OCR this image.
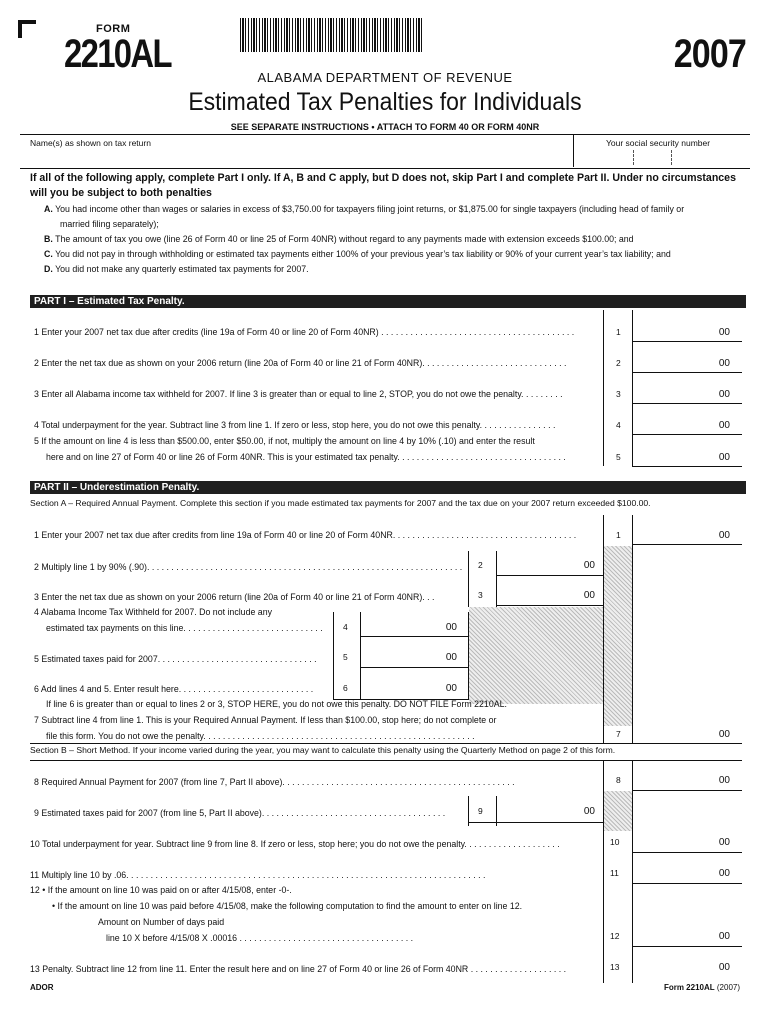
FORM
2210AL	2007
ALABAMA DEPARTMENT OF REVENUE
Estimated Tax Penalties for Individuals
SEE SEPARATE INSTRUCTIONS • ATTACH TO FORM 40 OR FORM 40NR
Name(s) as shown on tax return	Your social security number
If all of the following apply, complete Part I only. If A, B and C apply, but D does not, skip Part I and complete Part II. Under no circumstances will you be subject to both penalties
A. You had income other than wages or salaries in excess of $3,750.00 for taxpayers filing joint returns, or $1,875.00 for single taxpayers (including head of family or
married filing separately);
B. The amount of tax you owe (line 26 of Form 40 or line 25 of Form 40NR) without regard to any payments made with extension exceeds $100.00; and
C. You did not pay in through withholding or estimated tax payments either 100% of your previous year’s tax liability or 90% of your current year’s tax liability; and
D. You did not make any quarterly estimated tax payments for 2007.
PART I – Estimated Tax Penalty.
1 Enter your 2007 net tax due after credits (line 19a of Form 40 or line 20 of Form 40NR) . . . . . . . . . . . . . . . . . . . . . . . . . . . . . . . . . . . . . . . .	1	00
2 Enter the net tax due as shown on your 2006 return (line 20a of Form 40 or line 21 of Form 40NR). . . . . . . . . . . . . . . . . . . . . . . . . . . . . .	2	00
3 Enter all Alabama income tax withheld for 2007. If line 3 is greater than or equal to line 2, STOP, you do not owe the penalty. . . . . . . . .	3	00
4 Total underpayment for the year. Subtract line 3 from line 1. If zero or less, stop here, you do not owe this penalty. . . . . . . . . . . . . . . .	4	00
5 If the amount on line 4 is less than $500.00, enter $50.00, if not, multiply the amount on line 4 by 10% (.10) and enter the result
here and on line 27 of Form 40 or line 26 of Form 40NR. This is your estimated tax penalty. . . . . . . . . . . . . . . . . . . . . . . . . . . . . . . . . . .	5	00
PART II – Underestimation Penalty.
Section A – Required Annual Payment. Complete this section if you made estimated tax payments for 2007 and the tax due on your 2007 return exceeded $100.00.
1 Enter your 2007 net tax due after credits from line 19a of Form 40 or line 20 of Form 40NR. . . . . . . . . . . . . . . . . . . . . . . . . . . . . . . . . . . . . .	1	00
2 Multiply line 1 by 90% (.90). . . . . . . . . . . . . . . . . . . . . . . . . . . . . . . . . . . . . . . . . . . . . . . . . . . . . . . . . . . . . . . . . 2	00
3 Enter the net tax due as shown on your 2006 return (line 20a of Form 40 or line 21 of Form 40NR). . .	3	00
4 Alabama Income Tax Withheld for 2007. Do not include any
estimated tax payments on this line. . . . . . . . . . . . . . . . . . . . . . . . . . . . . 4	00
5 Estimated taxes paid for 2007. . . . . . . . . . . . . . . . . . . . . . . . . . . . . . . . .	5	00
6 Add lines 4 and 5. Enter result here. . . . . . . . . . . . . . . . . . . . . . . . . . . .	6	00
If line 6 is greater than or equal to lines 2 or 3, STOP HERE, you do not owe this penalty. DO NOT FILE Form 2210AL.
7 Subtract line 4 from line 1. This is your Required Annual Payment. If less than $100.00, stop here; do not complete or
file this form. You do not owe the penalty. . . . . . . . . . . . . . . . . . . . . . . . . . . . . . . . . . . . . . . . . . . . . . . . . . . . . . . .	7	00
Section B – Short Method. If your income varied during the year, you may want to calculate this penalty using the Quarterly Method on page 2 of this form.
8 Required Annual Payment for 2007 (from line 7, Part II above). . . . . . . . . . . . . . . . . . . . . . . . . . . . . . . . . . . . . . . . . . . . . . . .	8	00
9 Estimated taxes paid for 2007 (from line 5, Part II above). . . . . . . . . . . . . . . . . . . . . . . . . . . . . . . . . . . . . .	9	00
10 Total underpayment for year. Subtract line 9 from line 8. If zero or less, stop here; you do not owe the penalty. . . . . . . . . . . . . . . . . . . .	10	00
11 Multiply line 10 by .06. . . . . . . . . . . . . . . . . . . . . . . . . . . . . . . . . . . . . . . . . . . . . . . . . . . . . . . . . . . . . . . . . . . . . . . . . .	11	00
12 • If the amount on line 10 was paid on or after 4/15/08, enter -0-.
• If the amount on line 10 was paid before 4/15/08, make the following computation to find the amount to enter on line 12.
Amount on Number of days paid
line 10 X before 4/15/08 X .00016 . . . . . . . . . . . . . . . . . . . . . . . . . . . . . . . . . . . .	12	00
13 Penalty. Subtract line 12 from line 11. Enter the result here and on line 27 of Form 40 or line 26 of Form 40NR . . . . . . . . . . . . . . . . . . . .	13	00
ADOR	Form 2210AL (2007)
